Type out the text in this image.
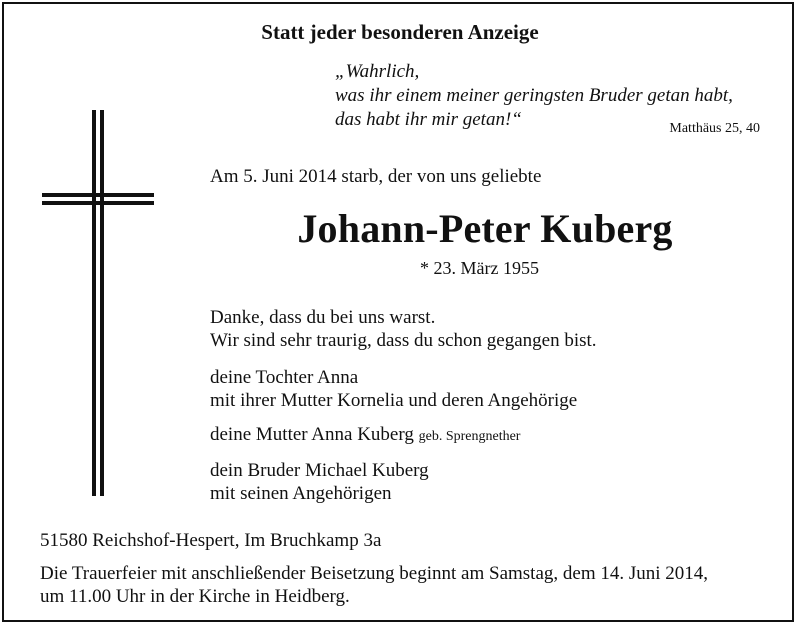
Statt jeder besonderen Anzeige
„Wahrlich,
was ihr einem meiner geringsten Bruder getan habt,
das habt ihr mir getan!“	Matthäus 25, 40
Am 5. Juni 2014 starb, der von uns geliebte
Johann-Peter Kuberg
* 23. März 1955
Danke, dass du bei uns warst.
Wir sind sehr traurig, dass du schon gegangen bist.
deine Tochter Anna
mit ihrer Mutter Kornelia und deren Angehörige
deine Mutter Anna Kuberg geb. Sprengnether
dein Bruder Michael Kuberg
mit seinen Angehörigen
51580 Reichshof-Hespert, Im Bruchkamp 3a
Die Trauerfeier mit anschließender Beisetzung beginnt am Samstag, dem 14. Juni 2014,
um 11.00 Uhr in der Kirche in Heidberg.
